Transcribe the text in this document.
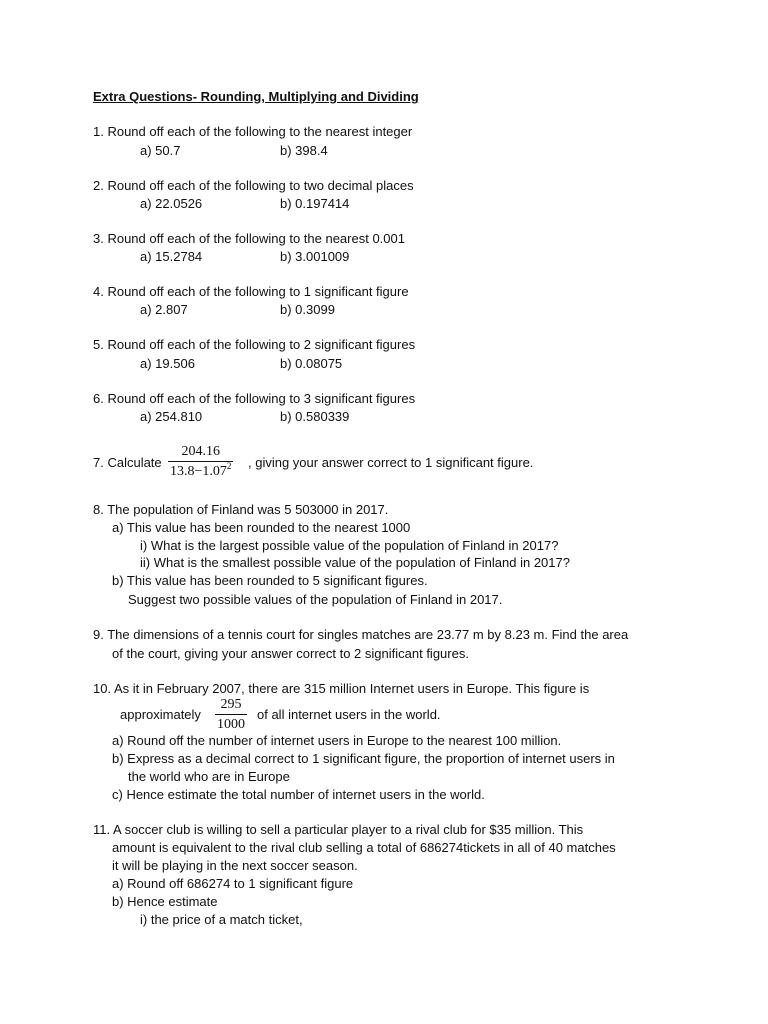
Extra Questions- Rounding, Multiplying and Dividing
1. Round off each of the following to the nearest integer
a) 50.7	b) 398.4
2. Round off each of the following to two decimal places
a) 22.0526	b) 0.197414
3. Round off each of the following to the nearest 0.001
a) 15.2784	b) 3.001009
4. Round off each of the following to 1 significant figure
a) 2.807	b) 0.3099
5. Round off each of the following to 2 significant figures
a) 19.506	b) 0.08075
6. Round off each of the following to 3 significant figures
a) 254.810	b) 0.580339
7. Calculate $\frac{204.16}{13.8-1.07^2}$ , giving your answer correct to 1 significant figure.
8. The population of Finland was 5 503000 in 2017.
a) This value has been rounded to the nearest 1000
i) What is the largest possible value of the population of Finland in 2017?
ii) What is the smallest possible value of the population of Finland in 2017?
b) This value has been rounded to 5 significant figures.
Suggest two possible values of the population of Finland in 2017.
9. The dimensions of a tennis court for singles matches are 23.77 m by 8.23 m. Find the area
of the court, giving your answer correct to 2 significant figures.
10. As it in February 2007, there are 315 million Internet users in Europe. This figure is
approximately $\frac{295}{1000}$ of all internet users in the world.
a) Round off the number of internet users in Europe to the nearest 100 million.
b) Express as a decimal correct to 1 significant figure, the proportion of internet users in
the world who are in Europe
c) Hence estimate the total number of internet users in the world.
11. A soccer club is willing to sell a particular player to a rival club for $35 million. This
amount is equivalent to the rival club selling a total of 686274tickets in all of 40 matches
it will be playing in the next soccer season.
a) Round off 686274 to 1 significant figure
b) Hence estimate
i) the price of a match ticket,
